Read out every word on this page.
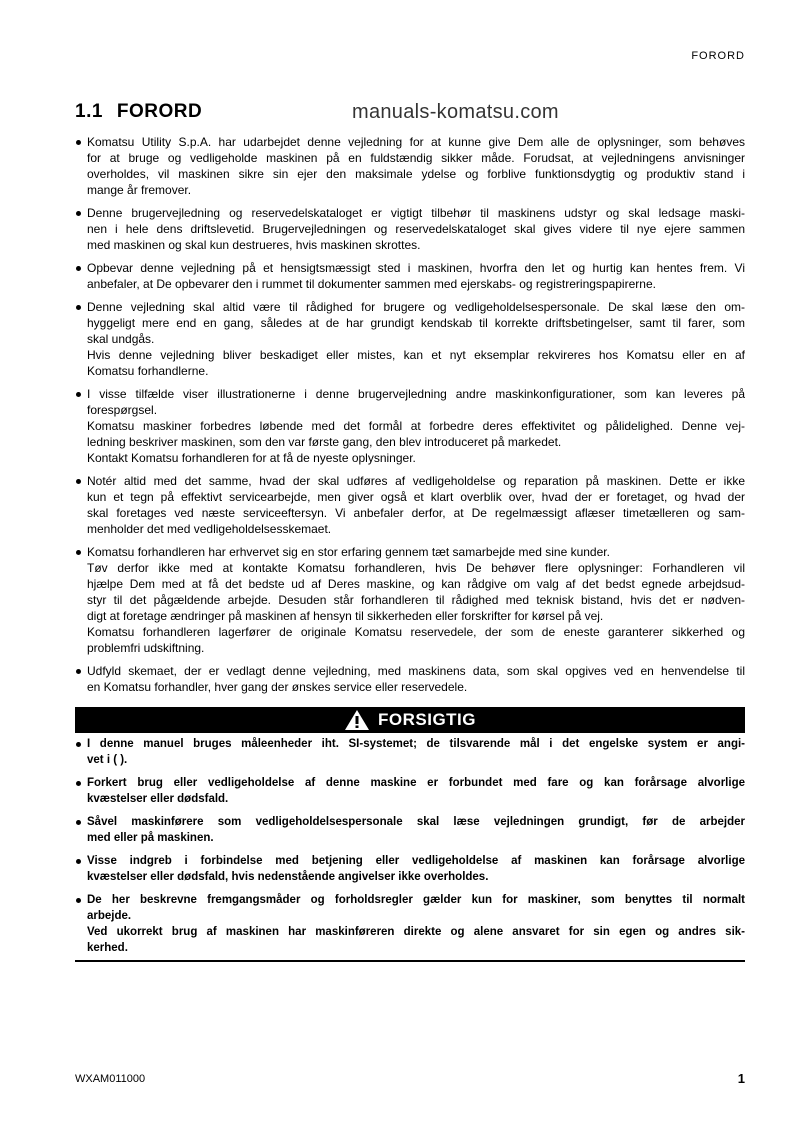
FORORD
1.1 FORORD	manuals-komatsu.com
Komatsu Utility S.p.A. har udarbejdet denne vejledning for at kunne give Dem alle de oplysninger, som behøves
for at bruge og vedligeholde maskinen på en fuldstændig sikker måde. Forudsat, at vejledningens anvisninger
overholdes, vil maskinen sikre sin ejer den maksimale ydelse og forblive funktionsdygtig og produktiv stand i
mange år fremover.
Denne brugervejledning og reservedelskataloget er vigtigt tilbehør til maskinens udstyr og skal ledsage maski-
nen i hele dens driftslevetid. Brugervejledningen og reservedelskataloget skal gives videre til nye ejere sammen
med maskinen og skal kun destrueres, hvis maskinen skrottes.
Opbevar denne vejledning på et hensigtsmæssigt sted i maskinen, hvorfra den let og hurtig kan hentes frem. Vi
anbefaler, at De opbevarer den i rummet til dokumenter sammen med ejerskabs- og registreringspapirerne.
Denne vejledning skal altid være til rådighed for brugere og vedligeholdelsespersonale. De skal læse den om-
hyggeligt mere end en gang, således at de har grundigt kendskab til korrekte driftsbetingelser, samt til farer, som
skal undgås.
Hvis denne vejledning bliver beskadiget eller mistes, kan et nyt eksemplar rekvireres hos Komatsu eller en af
Komatsu forhandlerne.
I visse tilfælde viser illustrationerne i denne brugervejledning andre maskinkonfigurationer, som kan leveres på
forespørgsel.
Komatsu maskiner forbedres løbende med det formål at forbedre deres effektivitet og pålidelighed. Denne vej-
ledning beskriver maskinen, som den var første gang, den blev introduceret på markedet.
Kontakt Komatsu forhandleren for at få de nyeste oplysninger.
Notér altid med det samme, hvad der skal udføres af vedligeholdelse og reparation på maskinen. Dette er ikke
kun et tegn på effektivt servicearbejde, men giver også et klart overblik over, hvad der er foretaget, og hvad der
skal foretages ved næste serviceeftersyn. Vi anbefaler derfor, at De regelmæssigt aflæser timetælleren og sam-
menholder det med vedligeholdelsesskemaet.
Komatsu forhandleren har erhvervet sig en stor erfaring gennem tæt samarbejde med sine kunder.
Tøv derfor ikke med at kontakte Komatsu forhandleren, hvis De behøver flere oplysninger: Forhandleren vil
hjælpe Dem med at få det bedste ud af Deres maskine, og kan rådgive om valg af det bedst egnede arbejdsud-
styr til det pågældende arbejde. Desuden står forhandleren til rådighed med teknisk bistand, hvis det er nødven-
digt at foretage ændringer på maskinen af hensyn til sikkerheden eller forskrifter for kørsel på vej.
Komatsu forhandleren lagerfører de originale Komatsu reservedele, der som de eneste garanterer sikkerhed og
problemfri udskiftning.
Udfyld skemaet, der er vedlagt denne vejledning, med maskinens data, som skal opgives ved en henvendelse til
en Komatsu forhandler, hver gang der ønskes service eller reservedele.
FORSIGTIG
I denne manuel bruges måleenheder iht. SI-systemet; de tilsvarende mål i det engelske system er angi-
vet i ( ).
Forkert brug eller vedligeholdelse af denne maskine er forbundet med fare og kan forårsage alvorlige
kvæstelser eller dødsfald.
Såvel maskinførere som vedligeholdelsespersonale skal læse vejledningen grundigt, før de arbejder
med eller på maskinen.
Visse indgreb i forbindelse med betjening eller vedligeholdelse af maskinen kan forårsage alvorlige
kvæstelser eller dødsfald, hvis nedenstående angivelser ikke overholdes.
De her beskrevne fremgangsmåder og forholdsregler gælder kun for maskiner, som benyttes til normalt
arbejde.
Ved ukorrekt brug af maskinen har maskinføreren direkte og alene ansvaret for sin egen og andres sik-
kerhed.
WXAM011000	1
